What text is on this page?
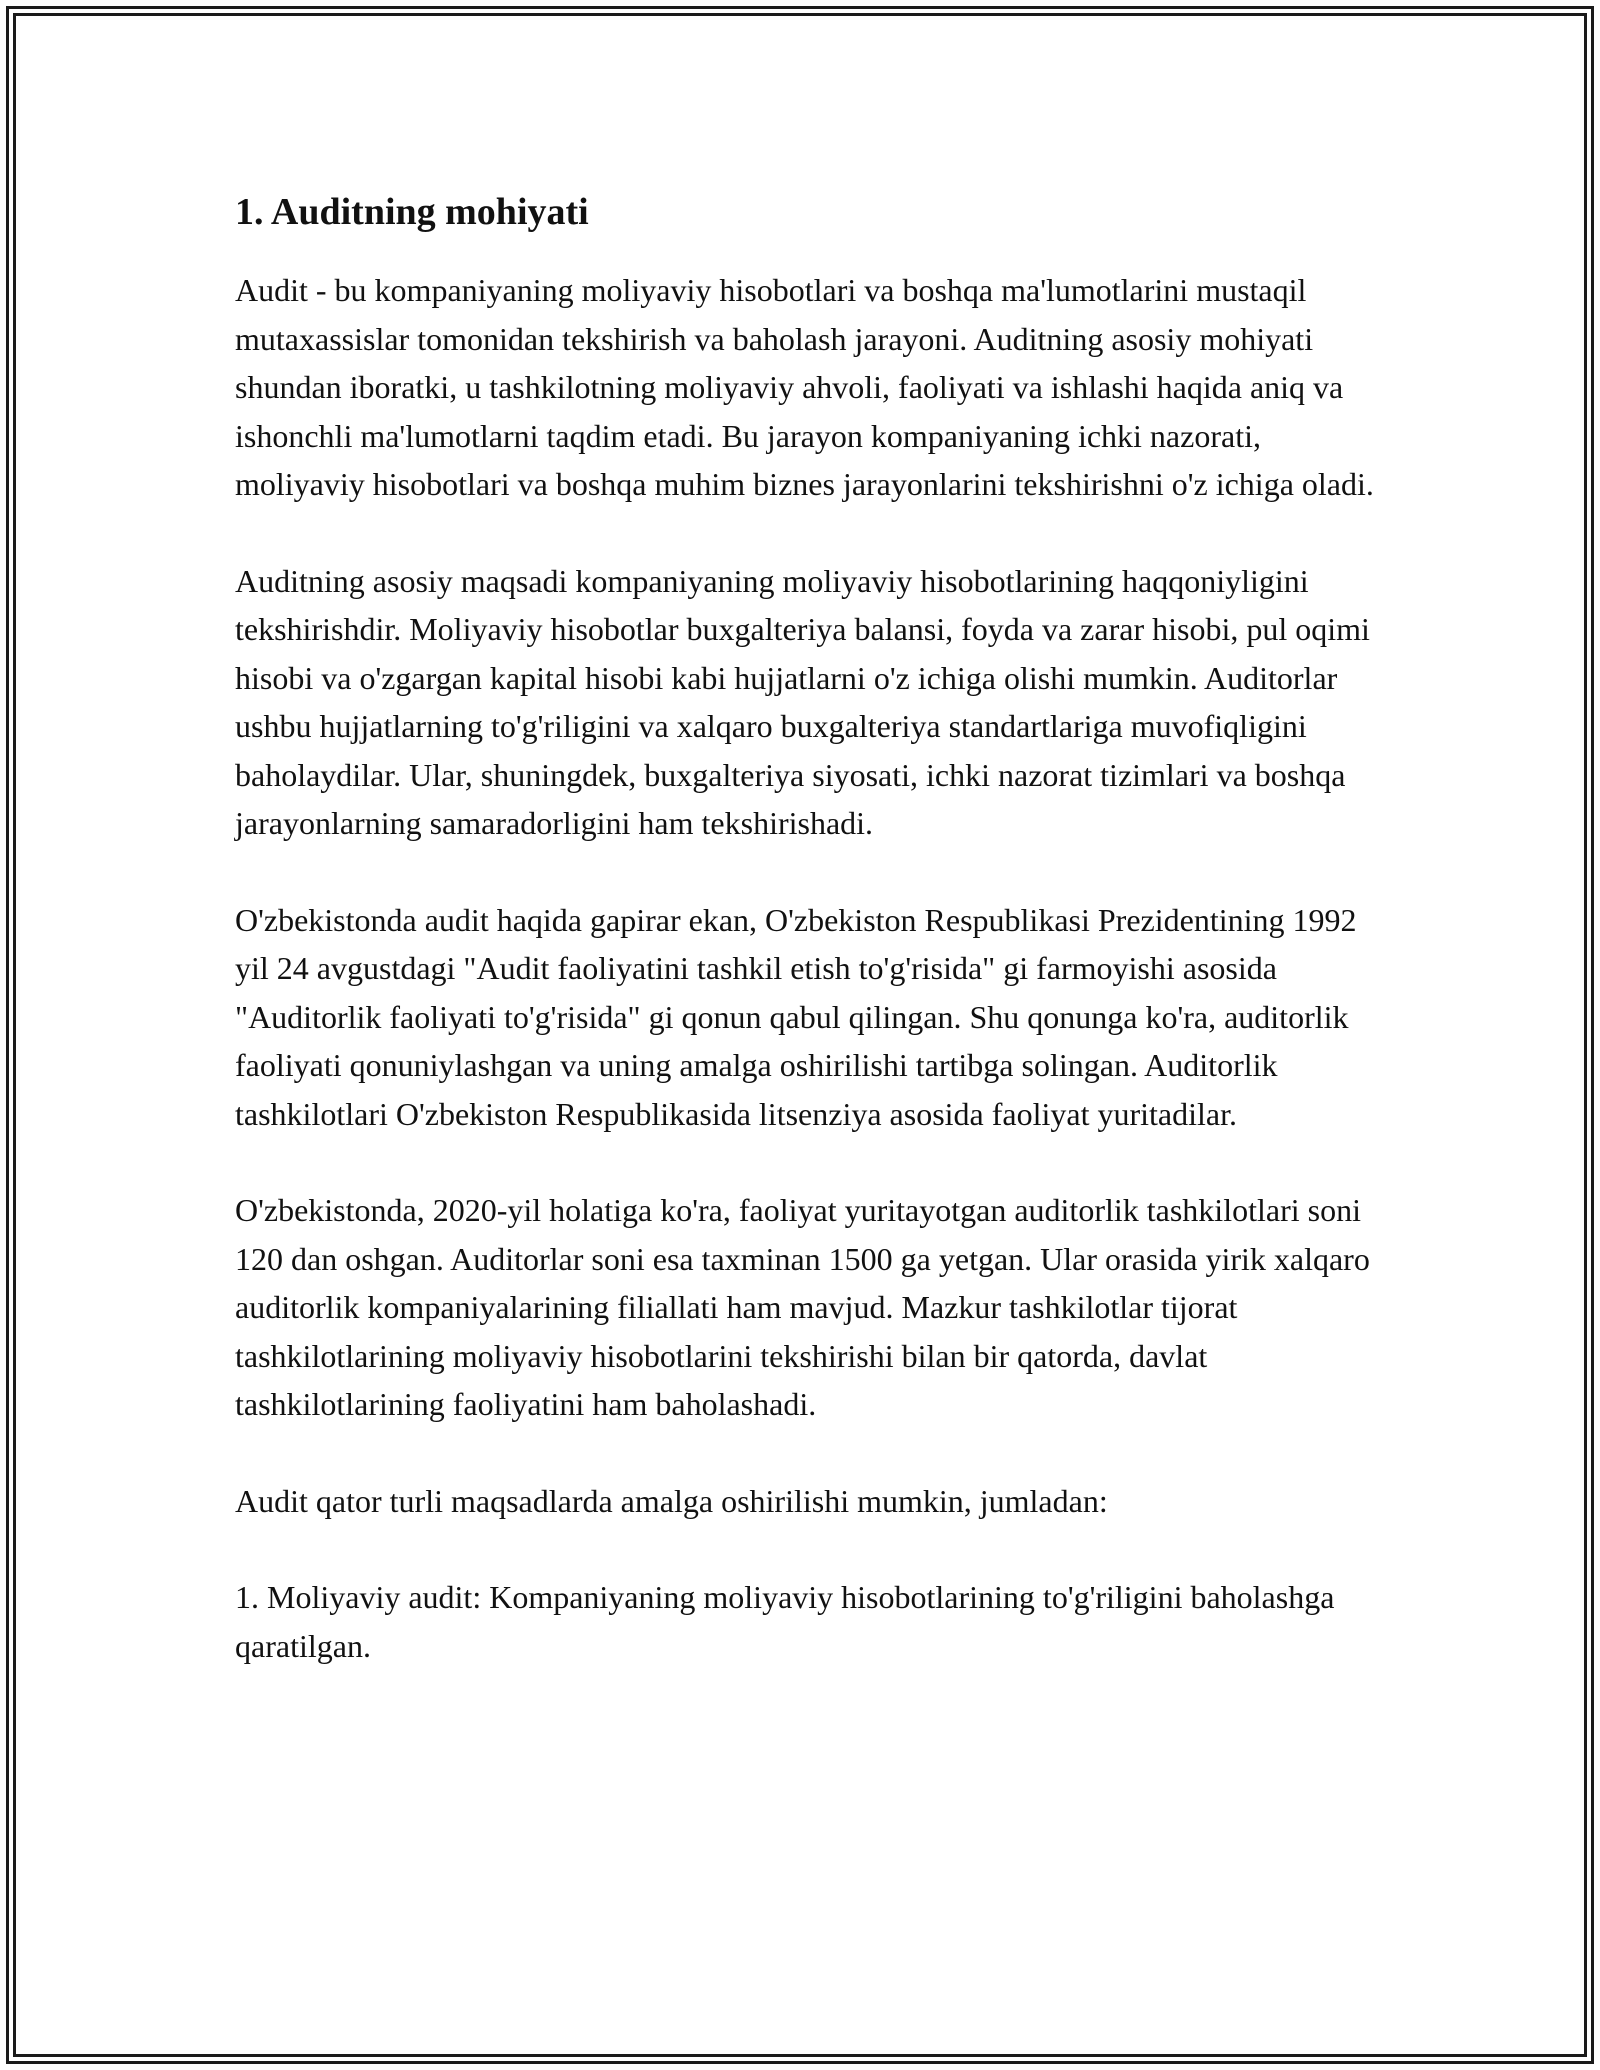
1. Auditning mohiyati

Audit - bu kompaniyaning moliyaviy hisobotlari va boshqa ma'lumotlarini mustaqil mutaxassislar tomonidan tekshirish va baholash jarayoni. Auditning asosiy mohiyati shundan iboratki, u tashkilotning moliyaviy ahvoli, faoliyati va ishlashi haqida aniq va ishonchli ma'lumotlarni taqdim etadi. Bu jarayon kompaniyaning ichki nazorati, moliyaviy hisobotlari va boshqa muhim biznes jarayonlarini tekshirishni o'z ichiga oladi.

Auditning asosiy maqsadi kompaniyaning moliyaviy hisobotlarining haqqoniyligini tekshirishdir. Moliyaviy hisobotlar buxgalteriya balansi, foyda va zarar hisobi, pul oqimi hisobi va o'zgargan kapital hisobi kabi hujjatlarni o'z ichiga olishi mumkin. Auditorlar ushbu hujjatlarning to'g'riligini va xalqaro buxgalteriya standartlariga muvofiqligini baholaydilar. Ular, shuningdek, buxgalteriya siyosati, ichki nazorat tizimlari va boshqa jarayonlarning samaradorligini ham tekshirishadi.

O'zbekistonda audit haqida gapirar ekan, O'zbekiston Respublikasi Prezidentining 1992 yil 24 avgustdagi "Audit faoliyatini tashkil etish to'g'risida" gi farmoyishi asosida "Auditorlik faoliyati to'g'risida" gi qonun qabul qilingan. Shu qonunga ko'ra, auditorlik faoliyati qonuniylashgan va uning amalga oshirilishi tartibga solingan. Auditorlik tashkilotlari O'zbekiston Respublikasida litsenziya asosida faoliyat yuritadilar.

O'zbekistonda, 2020-yil holatiga ko'ra, faoliyat yuritayotgan auditorlik tashkilotlari soni 120 dan oshgan. Auditorlar soni esa taxminan 1500 ga yetgan. Ular orasida yirik xalqaro auditorlik kompaniyalarining filiallati ham mavjud. Mazkur tashkilotlar tijorat tashkilotlarining moliyaviy hisobotlarini tekshirishi bilan bir qatorda, davlat tashkilotlarining faoliyatini ham baholashadi.

Audit qator turli maqsadlarda amalga oshirilishi mumkin, jumladan:

1. Moliyaviy audit: Kompaniyaning moliyaviy hisobotlarining to'g'riligini baholashga qaratilgan.
